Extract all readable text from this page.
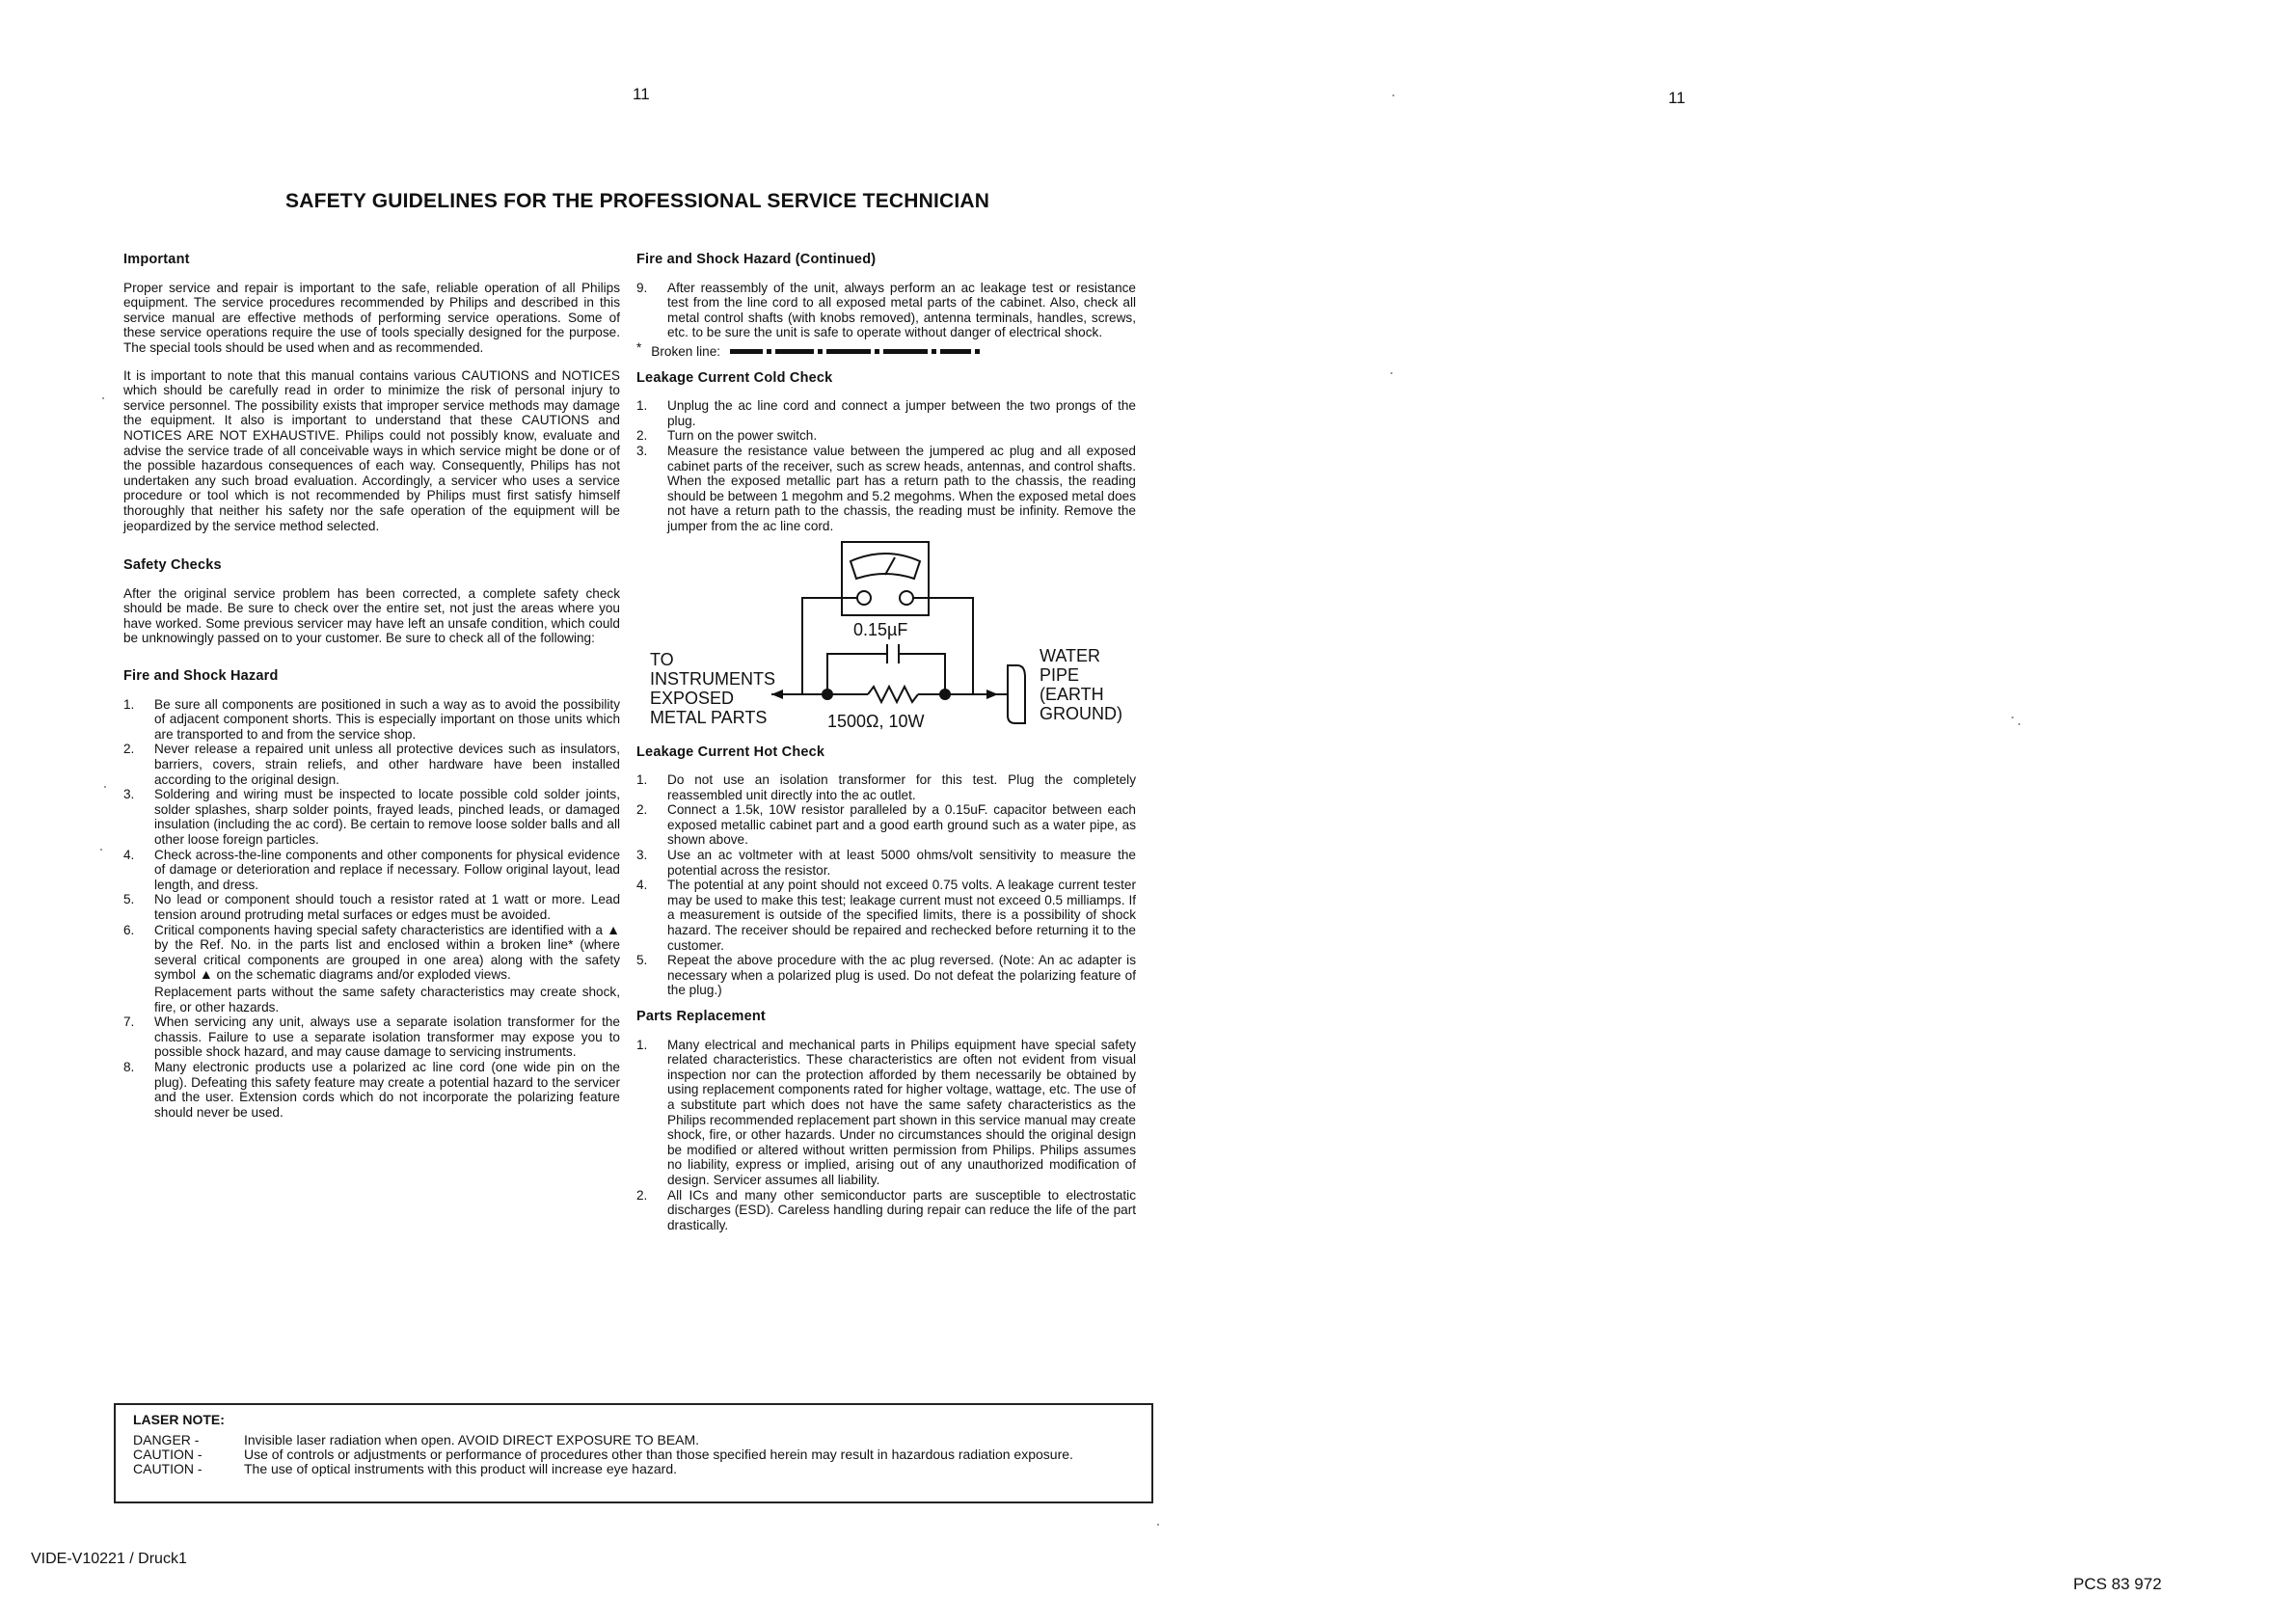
11	11
SAFETY GUIDELINES FOR THE PROFESSIONAL SERVICE TECHNICIAN
Important
Proper service and repair is important to the safe, reliable operation of all Philips equipment. The service procedures recommended by Philips and described in this service manual are effective methods of performing service operations. Some of these service operations require the use of tools specially designed for the purpose. The special tools should be used when and as recommended.
It is important to note that this manual contains various CAUTIONS and NOTICES which should be carefully read in order to minimize the risk of personal injury to service personnel. The possibility exists that improper service methods may damage the equipment. It also is important to understand that these CAUTIONS and NOTICES ARE NOT EXHAUSTIVE. Philips could not possibly know, evaluate and advise the service trade of all conceivable ways in which service might be done or of the possible hazardous consequences of each way. Consequently, Philips has not undertaken any such broad evaluation. Accordingly, a servicer who uses a service procedure or tool which is not recommended by Philips must first satisfy himself thoroughly that neither his safety nor the safe operation of the equipment will be jeopardized by the service method selected.
Safety Checks
After the original service problem has been corrected, a complete safety check should be made. Be sure to check over the entire set, not just the areas where you have worked. Some previous servicer may have left an unsafe condition, which could be unknowingly passed on to your customer. Be sure to check all of the following:
Fire and Shock Hazard
1.	Be sure all components are positioned in such a way as to avoid the possibility of adjacent component shorts. This is especially important on those units which are transported to and from the service shop.
2.	Never release a repaired unit unless all protective devices such as insulators, barriers, covers, strain reliefs, and other hardware have been installed according to the original design.
3.	Soldering and wiring must be inspected to locate possible cold solder joints, solder splashes, sharp solder points, frayed leads, pinched leads, or damaged insulation (including the ac cord). Be certain to remove loose solder balls and all other loose foreign particles.
4.	Check across-the-line components and other components for physical evidence of damage or deterioration and replace if necessary. Follow original layout, lead length, and dress.
5.	No lead or component should touch a resistor rated at 1 watt or more. Lead tension around protruding metal surfaces or edges must be avoided.
6.	Critical components having special safety characteristics are identified with a ▲ by the Ref. No. in the parts list and enclosed within a broken line* (where several critical components are grouped in one area) along with the safety symbol ▲ on the schematic diagrams and/or exploded views.
Replacement parts without the same safety characteristics may create shock, fire, or other hazards.
7.	When servicing any unit, always use a separate isolation transformer for the chassis. Failure to use a separate isolation transformer may expose you to possible shock hazard, and may cause damage to servicing instruments.
8.	Many electronic products use a polarized ac line cord (one wide pin on the plug). Defeating this safety feature may create a potential hazard to the servicer and the user. Extension cords which do not incorporate the polarizing feature should never be used.
Fire and Shock Hazard (Continued)
9.	After reassembly of the unit, always perform an ac leakage test or resistance test from the line cord to all exposed metal parts of the cabinet. Also, check all metal control shafts (with knobs removed), antenna terminals, handles, screws, etc. to be sure the unit is safe to operate without danger of electrical shock.
* Broken line:
Leakage Current Cold Check
1.	Unplug the ac line cord and connect a jumper between the two prongs of the plug.
2.	Turn on the power switch.
3.	Measure the resistance value between the jumpered ac plug and all exposed cabinet parts of the receiver, such as screw heads, antennas, and control shafts. When the exposed metallic part has a return path to the chassis, the reading should be between 1 megohm and 5.2 megohms. When the exposed metal does not have a return path to the chassis, the reading must be infinity. Remove the jumper from the ac line cord.
0.15µF
TO
INSTRUMENTS
EXPOSED
METAL PARTS	1500Ω, 10W
WATER
PIPE
(EARTH
GROUND)
Leakage Current Hot Check
1.	Do not use an isolation transformer for this test. Plug the completely reassembled unit directly into the ac outlet.
2.	Connect a 1.5k, 10W resistor paralleled by a 0.15uF. capacitor between each exposed metallic cabinet part and a good earth ground such as a water pipe, as shown above.
3.	Use an ac voltmeter with at least 5000 ohms/volt sensitivity to measure the potential across the resistor.
4.	The potential at any point should not exceed 0.75 volts. A leakage current tester may be used to make this test; leakage current must not exceed 0.5 milliamps. If a measurement is outside of the specified limits, there is a possibility of shock hazard. The receiver should be repaired and rechecked before returning it to the customer.
5.	Repeat the above procedure with the ac plug reversed. (Note: An ac adapter is necessary when a polarized plug is used. Do not defeat the polarizing feature of the plug.)
Parts Replacement
1.	Many electrical and mechanical parts in Philips equipment have special safety related characteristics. These characteristics are often not evident from visual inspection nor can the protection afforded by them necessarily be obtained by using replacement components rated for higher voltage, wattage, etc. The use of a substitute part which does not have the same safety characteristics as the Philips recommended replacement part shown in this service manual may create shock, fire, or other hazards. Under no circumstances should the original design be modified or altered without written permission from Philips. Philips assumes no liability, express or implied, arising out of any unauthorized modification of design. Servicer assumes all liability.
2.	All ICs and many other semiconductor parts are susceptible to electrostatic discharges (ESD). Careless handling during repair can reduce the life of the part drastically.
LASER NOTE:
DANGER -	Invisible laser radiation when open. AVOID DIRECT EXPOSURE TO BEAM.
CAUTION -	Use of controls or adjustments or performance of procedures other than those specified herein may result in hazardous radiation exposure.
CAUTION -	The use of optical instruments with this product will increase eye hazard.
VIDE-V10221 / Druck1
PCS 83 972
